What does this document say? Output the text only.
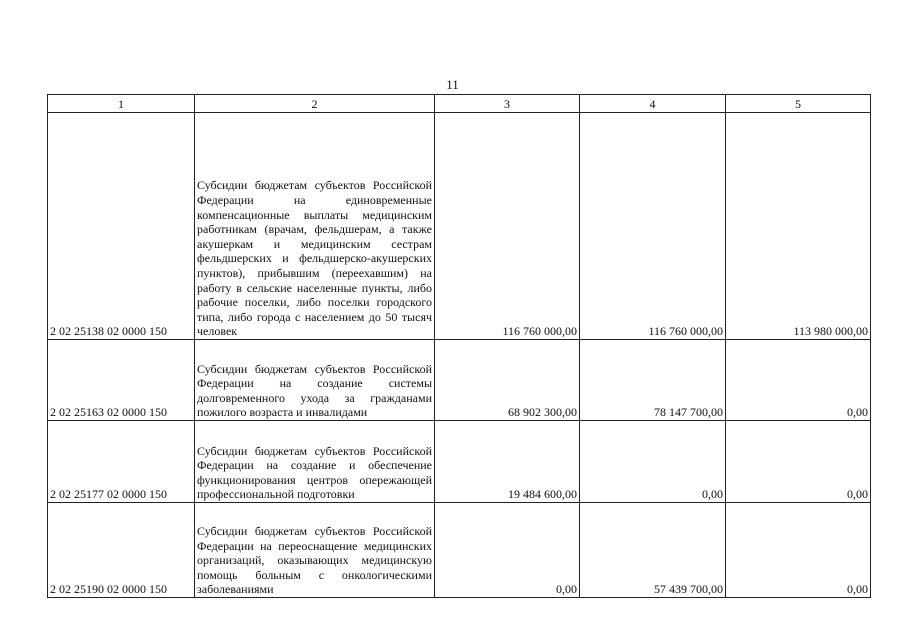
11
1	2	3	4	5
2 02 25138 02 0000 150	Субсидии бюджетам субъектов Российской Федерации на единовременные компенсационные выплаты медицинским работникам (врачам, фельдшерам, а также акушеркам и медицинским сестрам фельдшерских и фельдшерско-акушерских пунктов), прибывшим (переехавшим) на работу в сельские населенные пункты, либо рабочие поселки, либо поселки городского типа, либо города с населением до 50 тысяч человек	116 760 000,00	116 760 000,00	113 980 000,00
2 02 25163 02 0000 150	Субсидии бюджетам субъектов Российской Федерации на создание системы долговременного ухода за гражданами пожилого возраста и инвалидами	68 902 300,00	78 147 700,00	0,00
2 02 25177 02 0000 150	Субсидии бюджетам субъектов Российской Федерации на создание и обеспечение функционирования центров опережающей профессиональной подготовки	19 484 600,00	0,00	0,00
2 02 25190 02 0000 150	Субсидии бюджетам субъектов Российской Федерации на переоснащение медицинских организаций, оказывающих медицинскую помощь больным с онкологическими заболеваниями	0,00	57 439 700,00	0,00
